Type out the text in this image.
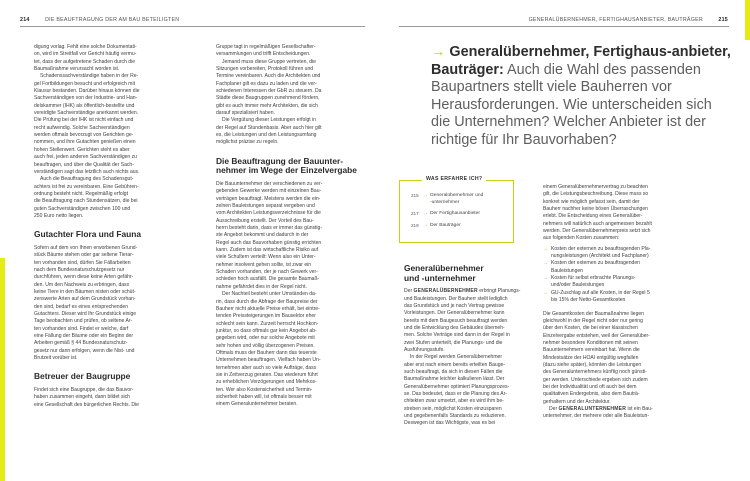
214	DIE BEAUFTRAGUNG DER AM BAU BETEILIGTEN	GENERALÜBERNEHMER, FERTIGHAUSANBIETER, BAUTRÄGER	215

digung vorlag. Fehlt eine solche Dokumentati-
on, wird im Streitfall vor Gericht häufig vermu-
tet, dass der aufgetretene Schaden durch die
Baumaßnahme verursacht worden ist.

Schadenssachverständige haben in der Re-
gel Fortbildungen besucht und erfolgreich mit
Klausur bestanden. Darüber hinaus können die
Sachverständigen von der Industrie- und Han-
delskammer (IHK) als öffentlich-bestellte und
vereidigte Sachverständige anerkannt werden.
Die Prüfung bei der IHK ist nicht einfach und
recht aufwendig. Solche Sachverständigen
werden oftmals bevorzugt von Gerichten ge-
nommen, und ihre Gutachten genießen einen
hohen Stellenwert. Gerichten steht es aber
auch frei, jeden anderen Sachverständigen zu
beauftragen, und über die Qualität der Sach-
verständigen sagt das letztlich auch nichts aus.

Auch die Beauftragung des Schadensgut-
achters ist frei zu vereinbaren. Eine Gebühren-
ordnung besteht nicht. Regelmäßig erfolgt
die Beauftragung nach Stundensätzen, die bei
guten Sachverständigen zwischen 100 und
250 Euro netto liegen.

Gutachter Flora und Fauna

Sofern auf dem von Ihnen erworbenen Grund-
stück Bäume stehen oder gar seltene Tierar-
ten vorhanden sind, dürfen Sie Fällarbeiten
nach dem Bundesnaturschutzgesetz nur
durchführen, wenn diese keine Arten gefähr-
den. Um den Nachweis zu erbringen, dass
keine Tiere in den Bäumen nisten oder schüt-
zenswerte Arten auf dem Grundstück vorhan-
den sind, bedarf es eines entsprechenden
Gutachters. Dieser wird Ihr Grundstück einige
Tage beobachten und prüfen, ob seltene Ar-
ten vorhanden sind. Findet er welche, darf
eine Fällung der Bäume oder ein Beginn der
Arbeiten gemäß § 44 Bundesnaturschutz-
gesetz nur dann erfolgen, wenn die Nist- und
Brutzeit vorüber ist.

Betreuer der Baugruppe

Findet sich eine Baugruppe, die das Bauvor-
haben zusammen eingeht, dann bildet sich
eine Gesellschaft des bürgerlichen Rechts. Die

Gruppe tagt in regelmäßigen Gesellschafter-
versammlungen und trifft Entscheidungen.

Jemand muss diese Gruppe vertreten, die
Sitzungen vorbereiten, Protokoll führen und
Termine vereinbaren. Auch die Architekten und
Fachplaner gilt es dazu zu laden und die ver-
schiedenen Interessen der GbR zu steuern. Da
Städte diese Baugruppen zunehmend fördern,
gibt es auch immer mehr Architekten, die sich
darauf spezialisiert haben.

Die Vergütung dieser Leistungen erfolgt in
der Regel auf Stundenbasis. Aber auch hier gilt
es, die Leistungen und den Leistungsumfang
möglichst präzise zu regeln.

Die Beauftragung der Bauunter-
nehmer im Wege der Einzelvergabe

Die Bauunternehmer der verschiedenen zu ver-
gebenden Gewerke werden mit einzelnen Bau-
verträgen beauftragt. Meistens werden die ein-
zelnen Bauleistungen separat vergeben und
vom Architekten Leistungsverzeichnisse für die
Ausschreibung erstellt. Der Vorteil des Bau-
herrn besteht darin, dass er immer das günstig-
ste Angebot bekommt und dadurch in der
Regel auch das Bauvorhaben günstig errichten
kann. Zudem ist das wirtschaftliche Risiko auf
viele Schultern verteilt: Wenn also ein Unter-
nehmer insolvent gehen sollte, ist zwar ein
Schaden vorhanden, der je nach Gewerk ver-
schieden hoch ausfällt. Die gesamte Baumaß-
nahme gefährdet dies in der Regel nicht.

Der Nachteil besteht unter Umständen da-
rin, dass durch die Abfrage der Baupreise der
Bauherr nicht aktuelle Preise erhält, bei eintre-
tenden Preissteigerungen im Bausektor eher
schlecht sein kann. Zurzeit herrscht Hochkon-
junktur, so dass oftmals gar kein Angebot ab-
gegeben wird, oder nur solche Angebote mit
sehr hohen und völlig überzogenen Preisen.
Oftmals muss der Bauherr dann das teuerste
Unternehmen beauftragen. Vielfach haben Un-
ternehmen aber auch so viele Aufträge, dass
sie in Zeitverzug geraten. Das wiederum führt
zu erheblichen Verzögerungen und Mehrkos-
ten. Wer also Kostensicherheit und Termin-
sicherheit haben will, ist oftmals besser mit
einem Generalunternehmer beraten.

→ Generalübernehmer, Fertighaus-anbieter, Bauträger: Auch die Wahl des passenden Baupartners stellt viele Bauherren vor Herausforderungen. Wie unterscheiden sich die Unternehmen? Welcher Anbieter ist der richtige für Ihr Bauvorhaben?
WAS ERFAHRE ICH?
215 → Generalübernehmer und
-unternehmer
217 → Der Fertighausanbieter
219 → Der Bauträger
Generalübernehmer
und -unternehmer

Der GENERALÜBERNEHMER erbringt Planungs-
und Bauleistungen. Der Bauherr stellt lediglich
das Grundstück und je nach Vertrag gewisse
Vorleistungen. Der Generalübernehmer kann
bereits mit dem Baugesuch beauftragt werden
und die Entwicklung des Gebäudes überneh-
men. Solche Verträge sind dann in der Regel in
zwei Stufen unterteilt, die Planungs- und die
Ausführungsstufe.

In der Regel werden Generalübernehmer
aber erst nach einem bereits erteilten Bauge-
such beauftragt, da sich in diesen Fällen die
Baumaßnahme leichter kalkulieren lässt. Der
Generalübernehmer optimiert Planungsprozes-
se. Das bedeutet, dass er die Planung des Ar-
chitekten zwar umsetzt, aber es wird ihm be-
streben sein, möglichst Kosten einzusparen
und gegebenenfalls Standards zu reduzieren.
Deswegen ist das Wichtigste, was es bei

einem Generalübernehmervertrag zu beachten
gilt, die Leistungsbeschreibung. Diese muss so
konkret wie möglich gefasst sein, damit der
Bauherr nachher keine bösen Überraschungen
erlebt. Die Entscheidung eines Generalüber-
nehmers will natürlich auch angemessen bezahlt
werden. Der Generalübernehmerpreis setzt sich
aus folgenden Kosten zusammen:

→ Kosten der externen zu beauftragenden Pla-
nungsleistungen (Architekt und Fachplaner)
→ Kosten der externen zu beauftragenden
Bauleistungen
→ Kosten für selbst erbrachte Planungs-
und/oder Bauleistungen
→ GU-Zuschlag auf alle Kosten, in der Regel 5
bis 15% der Netto-Gesamtkosten

Die Gesamtkosten der Baumaßnahme liegen
gleichwohl in der Regel nicht oder nur gering
über den Kosten, die bei einer klassischen
Einzelvergabe entstehen, weil der Generalüber-
nehmer besondere Konditionen mit seinen
Bauunternehmern vereinbart hat. Wenn die
Mindestsätze der HOAI entgültig wegfallen
(dazu siehe später), könnten die Leistungen
des Generalunternehmers künftig noch günsti-
ger werden. Unterschiede ergeben sich zudem
bei der Individualität und oft auch bei dem
qualitativen Endergebnis, also dem Bauträ-
gerhaltern und der Architektur.

Der GENERALUNTERNEHMER ist ein Bau-
unternehmer, der mehrere oder alle Bauleistun-
